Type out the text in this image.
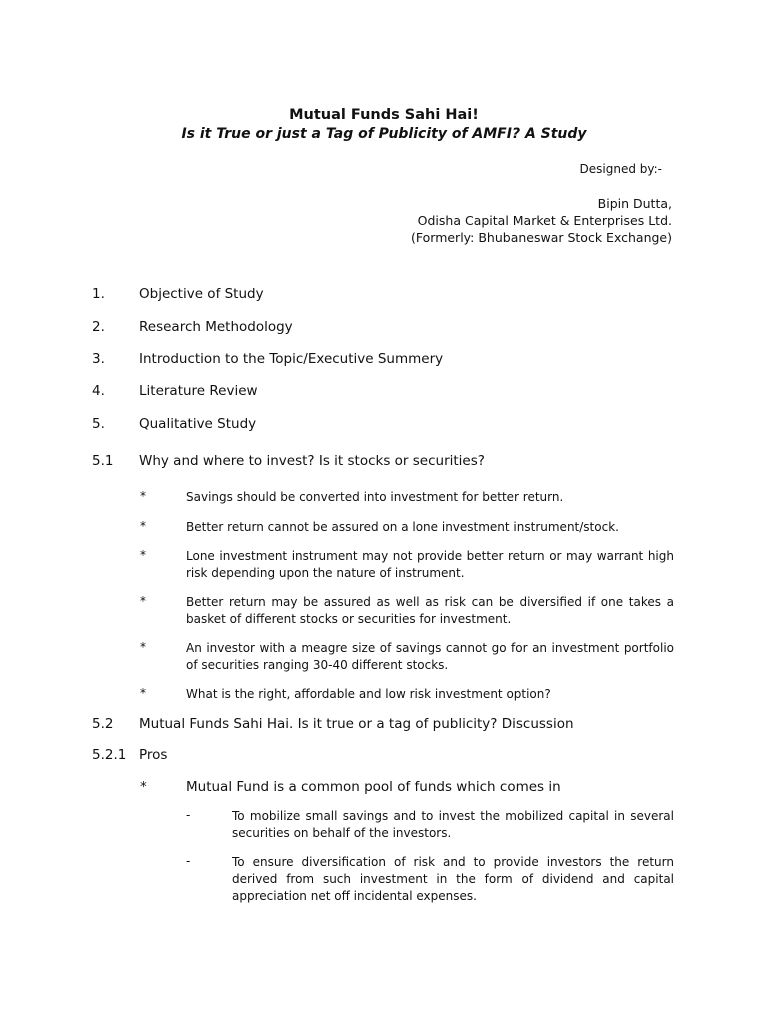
Mutual Funds Sahi Hai!
Is it True or just a Tag of Publicity of AMFI? A Study
Designed by:-
Bipin Dutta,
Odisha Capital Market & Enterprises Ltd.
(Formerly: Bhubaneswar Stock Exchange)
1.	Objective of Study
2.	Research Methodology
3.	Introduction to the Topic/Executive Summery
4.	Literature Review
5.	Qualitative Study
5.1 Why and where to invest? Is it stocks or securities?
*	Savings should be converted into investment for better return.
*	Better return cannot be assured on a lone investment instrument/stock.
*	Lone investment instrument may not provide better return or may warrant high risk depending upon the nature of instrument.
*	Better return may be assured as well as risk can be diversified if one takes a basket of different stocks or securities for investment.
*	An investor with a meagre size of savings cannot go for an investment portfolio of securities ranging 30-40 different stocks.
*	What is the right, affordable and low risk investment option?
5.2 Mutual Funds Sahi Hai. Is it true or a tag of publicity? Discussion
5.2.1 Pros
*	Mutual Fund is a common pool of funds which comes in
-	To mobilize small savings and to invest the mobilized capital in several securities on behalf of the investors.
-	To ensure diversification of risk and to provide investors the return derived from such investment in the form of dividend and capital appreciation net off incidental expenses.
